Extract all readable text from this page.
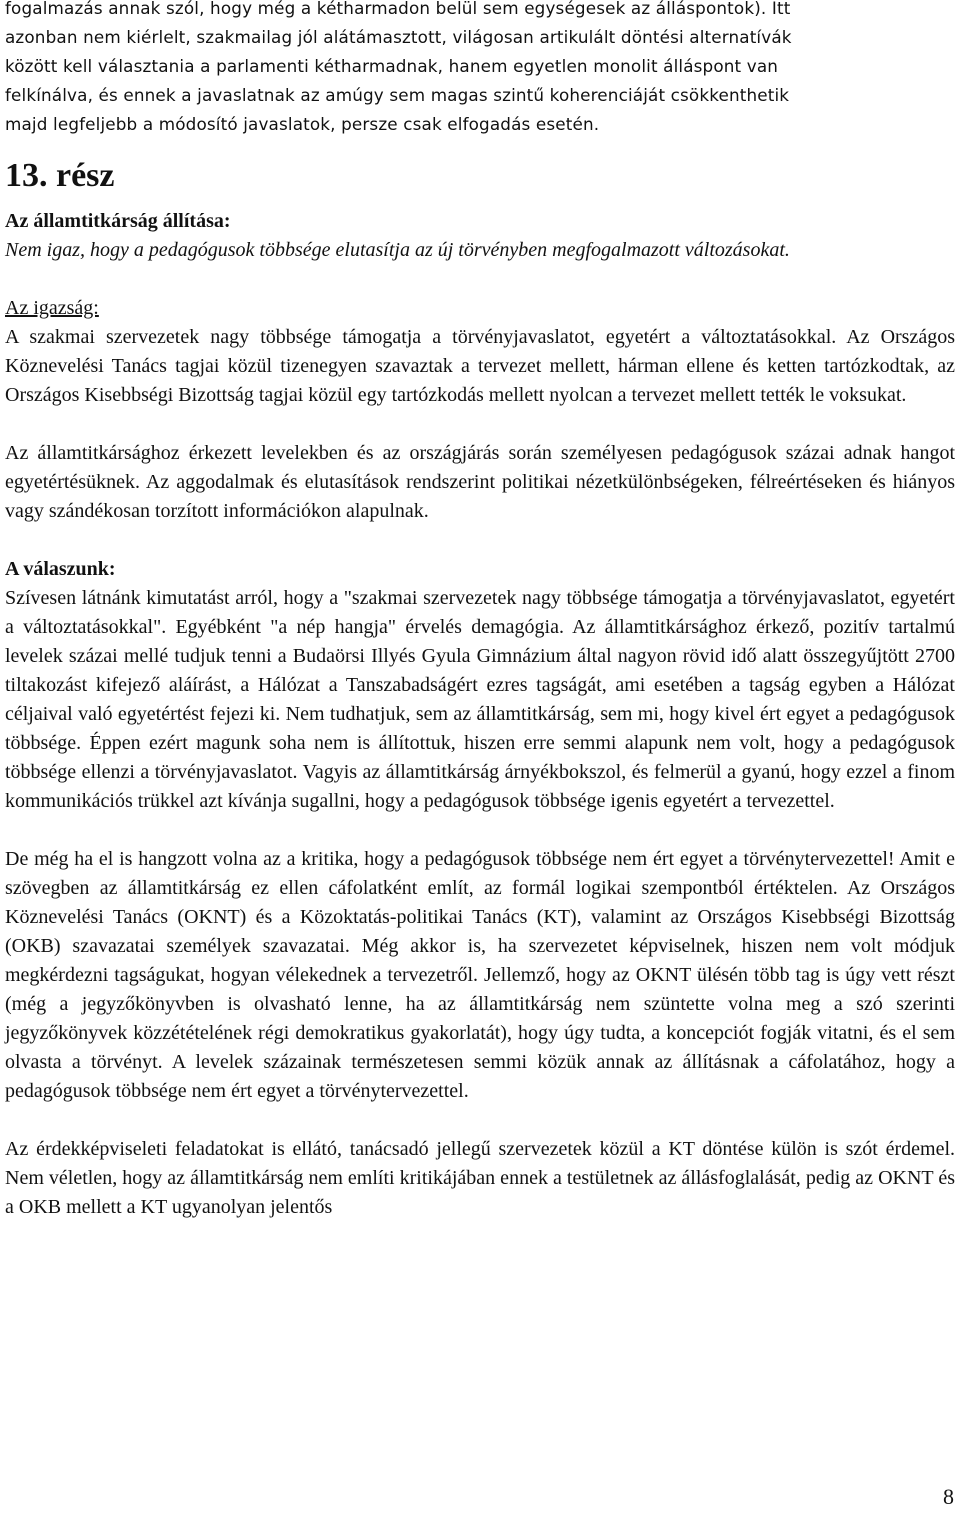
fogalmazás annak szól, hogy még a kétharmadon belül sem egységesek az álláspontok). Itt

azonban nem kiérlelt, szakmailag jól alátámasztott, világosan artikulált döntési alternatívák

között kell választania a parlamenti kétharmadnak, hanem egyetlen monolit álláspont van

felkínálva, és ennek a javaslatnak az amúgy sem magas szintű koherenciáját csökkenthetik

majd legfeljebb a módosító javaslatok, persze csak elfogadás esetén.

13. rész

Az államtitkárság állítása:

Nem igaz, hogy a pedagógusok többsége elutasítja az új törvényben megfogalmazott változásokat.

Az igazság:

A szakmai szervezetek nagy többsége támogatja a törvényjavaslatot, egyetért a változtatásokkal. Az Országos Köznevelési Tanács tagjai közül tizenegyen szavaztak a tervezet mellett, hárman ellene és ketten tartózkodtak, az Országos Kisebbségi Bizottság tagjai közül egy tartózkodás mellett nyolcan a tervezet mellett tették le voksukat.

Az államtitkársághoz érkezett levelekben és az országjárás során személyesen pedagógusok százai adnak hangot egyetértésüknek. Az aggodalmak és elutasítások rendszerint politikai nézetkülönbségeken, félreértéseken és hiányos vagy szándékosan torzított információkon alapulnak.

A válaszunk:

Szívesen látnánk kimutatást arról, hogy a "szakmai szervezetek nagy többsége támogatja a törvényjavaslatot, egyetért a változtatásokkal". Egyébként "a nép hangja" érvelés demagógia. Az államtitkársághoz érkező, pozitív tartalmú levelek százai mellé tudjuk tenni a Budaörsi Illyés Gyula Gimnázium által nagyon rövid idő alatt összegyűjtött 2700 tiltakozást kifejező aláírást, a Hálózat a Tanszabadságért ezres tagságát, ami esetében a tagság egyben a Hálózat céljaival való egyetértést fejezi ki. Nem tudhatjuk, sem az államtitkárság, sem mi, hogy kivel ért egyet a pedagógusok többsége. Éppen ezért magunk soha nem is állítottuk, hiszen erre semmi alapunk nem volt, hogy a pedagógusok többsége ellenzi a törvényjavaslatot. Vagyis az államtitkárság árnyékbokszol, és felmerül a gyanú, hogy ezzel a finom kommunikációs trükkel azt kívánja sugallni, hogy a pedagógusok többsége igenis egyetért a tervezettel.

De még ha el is hangzott volna az a kritika, hogy a pedagógusok többsége nem ért egyet a törvénytervezettel! Amit e szövegben az államtitkárság ez ellen cáfolatként említ, az formál logikai szempontból értéktelen. Az Országos Köznevelési Tanács (OKNT) és a Közoktatás-politikai Tanács (KT), valamint az Országos Kisebbségi Bizottság (OKB) szavazatai személyek szavazatai. Még akkor is, ha szervezetet képviselnek, hiszen nem volt módjuk megkérdezni tagságukat, hogyan vélekednek a tervezetről. Jellemző, hogy az OKNT ülésén több tag is úgy vett részt (még a jegyzőkönyvben is olvasható lenne, ha az államtitkárság nem szüntette volna meg a szó szerinti jegyzőkönyvek közzétételének régi demokratikus gyakorlatát), hogy úgy tudta, a koncepciót fogják vitatni, és el sem olvasta a törvényt. A levelek százainak természetesen semmi közük annak az állításnak a cáfolatához, hogy a pedagógusok többsége nem ért egyet a törvénytervezettel.

Az érdekképviseleti feladatokat is ellátó, tanácsadó jellegű szervezetek közül a KT döntése külön is szót érdemel. Nem véletlen, hogy az államtitkárság nem említi kritikájában ennek a testületnek az állásfoglalását, pedig az OKNT és a OKB mellett a KT ugyanolyan jelentős

8
